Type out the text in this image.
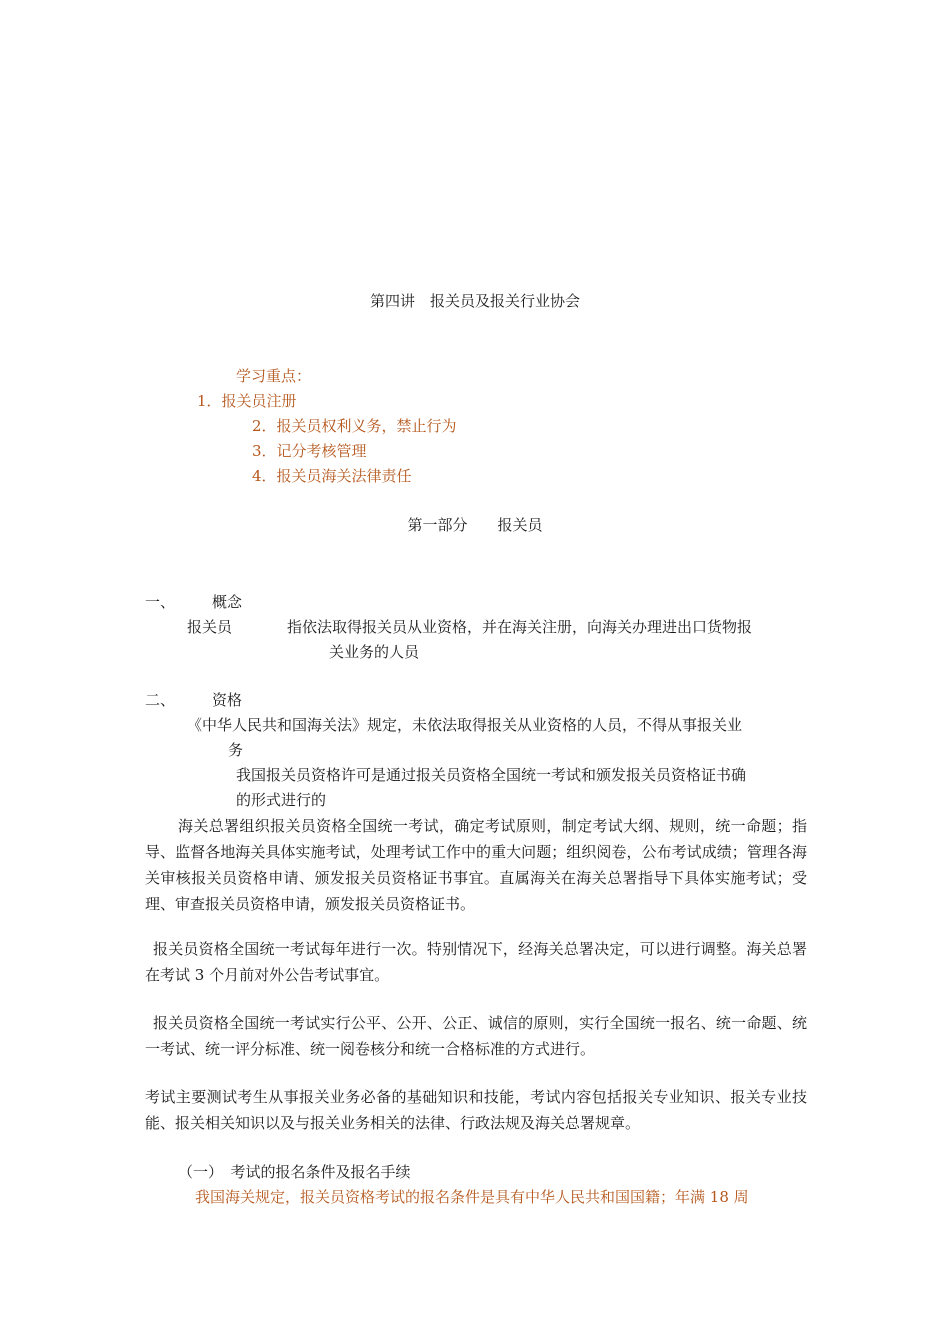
第四讲　报关员及报关行业协会

学习重点：

1．报关员注册

2．报关员权利义务，禁止行为

3．记分考核管理

4．报关员海关法律责任

第一部分　　报关员

一、 概念

报关员	指依法取得报关员从业资格，并在海关注册，向海关办理进出口货物报

关业务的人员

二、 资格

《中华人民共和国海关法》规定，未依法取得报关从业资格的人员，不得从事报关业

务

我国报关员资格许可是通过报关员资格全国统一考试和颁发报关员资格证书确

的形式进行的

海关总署组织报关员资格全国统一考试，确定考试原则，制定考试大纲、规则，统一命题；指导、监督各地海关具体实施考试，处理考试工作中的重大问题；组织阅卷，公布考试成绩；管理各海关审核报关员资格申请、颁发报关员资格证书事宜。直属海关在海关总署指导下具体实施考试；受理、审查报关员资格申请，颁发报关员资格证书。

报关员资格全国统一考试每年进行一次。特别情况下，经海关总署决定，可以进行调整。海关总署在考试 3 个月前对外公告考试事宜。

报关员资格全国统一考试实行公平、公开、公正、诚信的原则，实行全国统一报名、统一命题、统一考试、统一评分标准、统一阅卷核分和统一合格标准的方式进行。

考试主要测试考生从事报关业务必备的基础知识和技能，考试内容包括报关专业知识、报关专业技能、报关相关知识以及与报关业务相关的法律、行政法规及海关总署规章。

（一）　考试的报名条件及报名手续

我国海关规定，报关员资格考试的报名条件是具有中华人民共和国国籍；年满 18 周
